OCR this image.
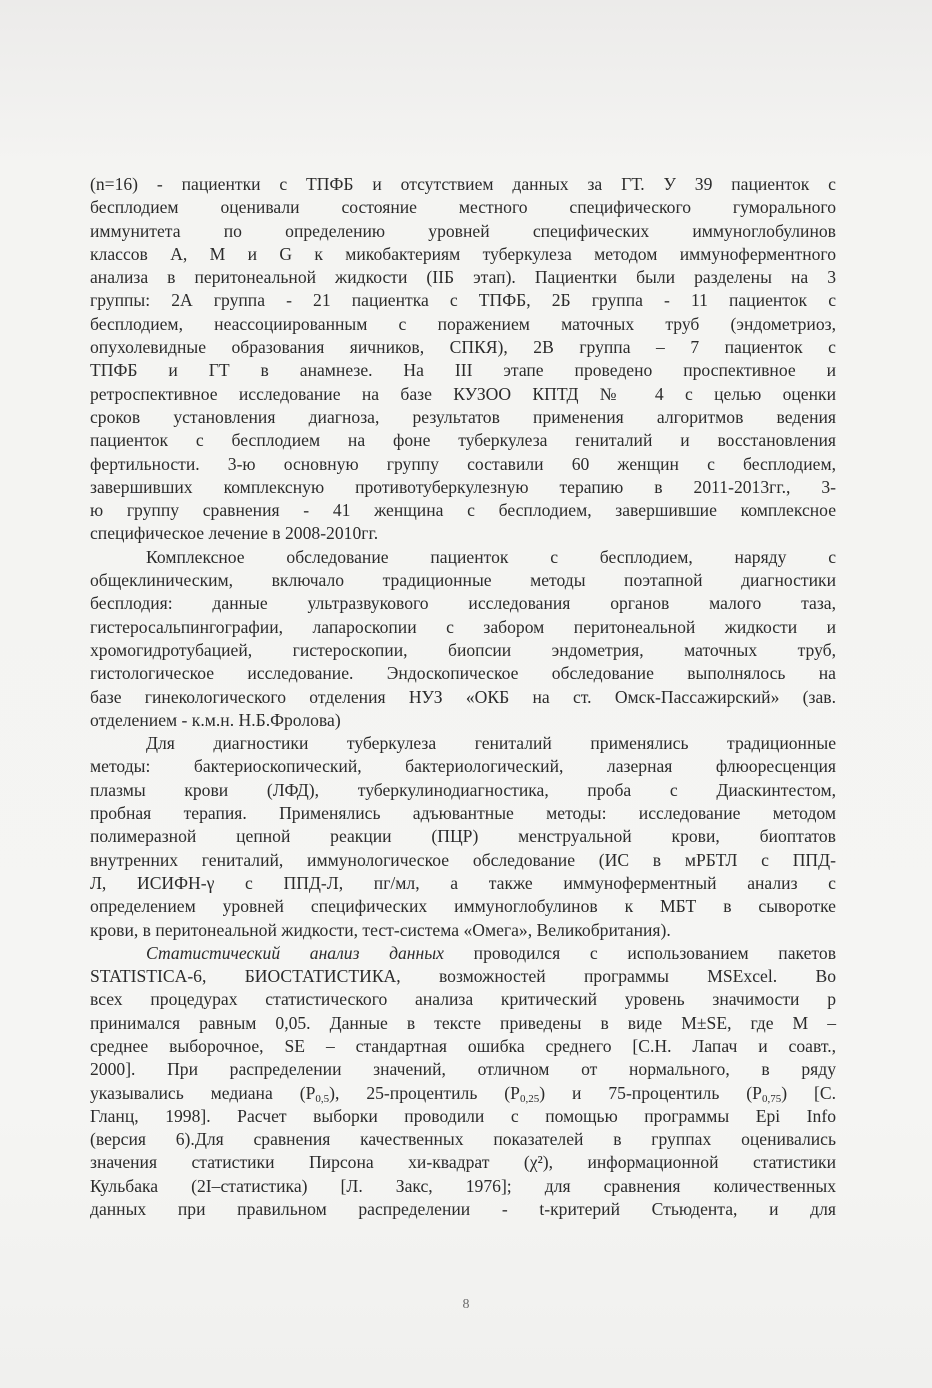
(n=16) - пациентки с ТПФБ и отсутствием данных за ГТ. У 39 пациенток с
бесплодием оценивали состояние местного специфического гуморального
иммунитета по определению уровней специфических иммуноглобулинов
классов A, M и G к микобактериям туберкулеза методом иммуноферментного
анализа в перитонеальной жидкости (IIБ этап). Пациентки были разделены на 3
группы: 2А группа - 21 пациентка с ТПФБ, 2Б группа - 11 пациенток с
бесплодием, неассоциированным с поражением маточных труб (эндометриоз,
опухолевидные образования яичников, СПКЯ), 2В группа – 7 пациенток с
ТПФБ и ГТ в анамнезе. На III этапе проведено проспективное и
ретроспективное исследование на базе КУЗОО КПТД № 4 с целью оценки
сроков установления диагноза, результатов применения алгоритмов ведения
пациенток с бесплодием на фоне туберкулеза гениталий и восстановления
фертильности. 3-ю основную группу составили 60 женщин с бесплодием,
завершивших комплексную противотуберкулезную терапию в 2011-2013гг., 3-
ю группу сравнения - 41 женщина с бесплодием, завершившие комплексное
специфическое лечение в 2008-2010гг.

Комплексное обследование пациенток с бесплодием, наряду с
общеклиническим, включало традиционные методы поэтапной диагностики
бесплодия: данные ультразвукового исследования органов малого таза,
гистеросальпингографии, лапароскопии с забором перитонеальной жидкости и
хромогидротубацией, гистероскопии, биопсии эндометрия, маточных труб,
гистологическое исследование. Эндоскопическое обследование выполнялось на
базе гинекологического отделения НУЗ «ОКБ на ст. Омск-Пассажирский» (зав.
отделением - к.м.н. Н.Б.Фролова)

Для диагностики туберкулеза гениталий применялись традиционные
методы: бактериоскопический, бактериологический, лазерная флюоресценция
плазмы крови (ЛФД), туберкулинодиагностика, проба с Диаскинтестом,
пробная терапия. Применялись адъювантные методы: исследование методом
полимеразной цепной реакции (ПЦР) менструальной крови, биоптатов
внутренних гениталий, иммунологическое обследование (ИС в мРБТЛ с ППД-
Л, ИСИФН-γ с ППД-Л, пг/мл, а также иммуноферментный анализ с
определением уровней специфических иммуноглобулинов к МБТ в сыворотке
крови, в перитонеальной жидкости, тест-система «Омега», Великобритания).

Статистический анализ данных проводился с использованием пакетов
STATISTICA-6, БИОСТАТИСТИКА, возможностей программы MSExcel. Во
всех процедурах статистического анализа критический уровень значимости р
принимался равным 0,05. Данные в тексте приведены в виде M±SE, где М –
среднее выборочное, SE – стандартная ошибка среднего [С.Н. Лапач и соавт.,
2000]. При распределении значений, отличном от нормального, в ряду
указывались медиана $(P_{0,5})$, 25-процентиль $(P_{0,25})$ и 75-процентиль $(P_{0,75})$ [С.
Гланц, 1998]. Расчет выборки проводили с помощью программы Epi Info
(версия 6).Для сравнения качественных показателей в группах оценивались
значения статистики Пирсона хи-квадрат (χ²), информационной статистики
Кульбака (2I–статистика) [Л. Закс, 1976]; для сравнения количественных
данных при правильном распределении - t-критерий Стьюдента, и для

8
